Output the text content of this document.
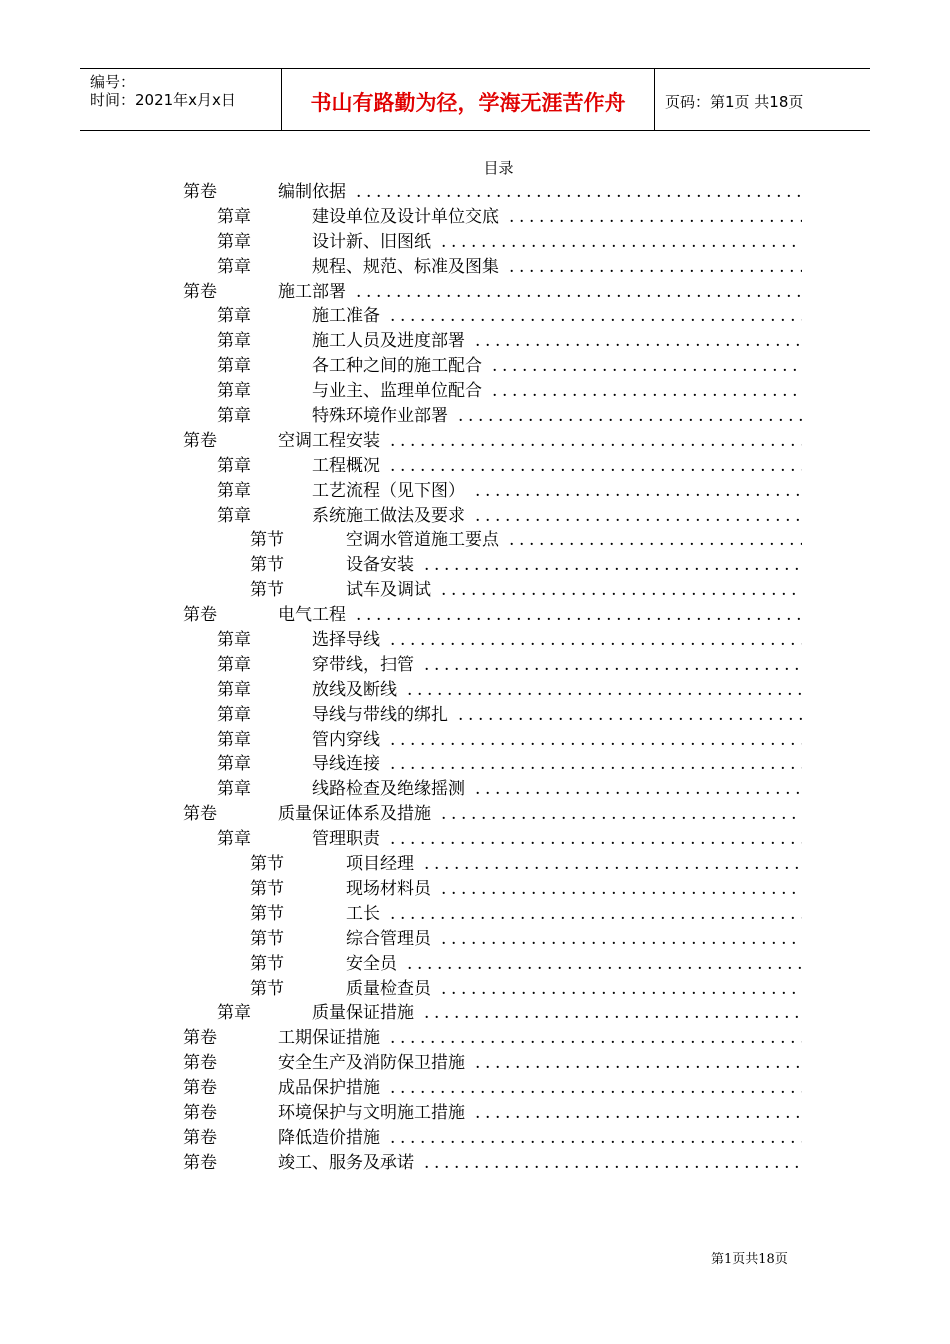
编号：
时间：2021年x月x日	书山有路勤为径，学海无涯苦作舟	页码：第1页 共18页
目录
第卷	编制依据 .....
第章	建设单位及设计单位交底 .....
第章	设计新、旧图纸 .....
第章	规程、规范、标准及图集 .....
第卷	施工部署 .....
第章	施工准备 .....
第章	施工人员及进度部署 .....
第章	各工种之间的施工配合 .....
第章	与业主、监理单位配合 .....
第章	特殊环境作业部署 .....
第卷	空调工程安装 .....
第章	工程概况 .....
第章	工艺流程（见下图） .....
第章	系统施工做法及要求 .....
第节	空调水管道施工要点 .....
第节	设备安装 .....
第节	试车及调试 .....
第卷	电气工程 .....
第章	选择导线 .....
第章	穿带线，扫管 .....
第章	放线及断线 .....
第章	导线与带线的绑扎 .....
第章	管内穿线 .....
第章	导线连接 .....
第章	线路检查及绝缘摇测 .....
第卷	质量保证体系及措施 .....
第章	管理职责 .....
第节	项目经理 .....
第节	现场材料员 .....
第节	工长 .....
第节	综合管理员 .....
第节	安全员 .....
第节	质量检查员 .....
第章	质量保证措施 .....
第卷	工期保证措施 .....
第卷	安全生产及消防保卫措施 .....
第卷	成品保护措施 .....
第卷	环境保护与文明施工措施 .....
第卷	降低造价措施 .....
第卷	竣工、服务及承诺 .....
第1页共18页
